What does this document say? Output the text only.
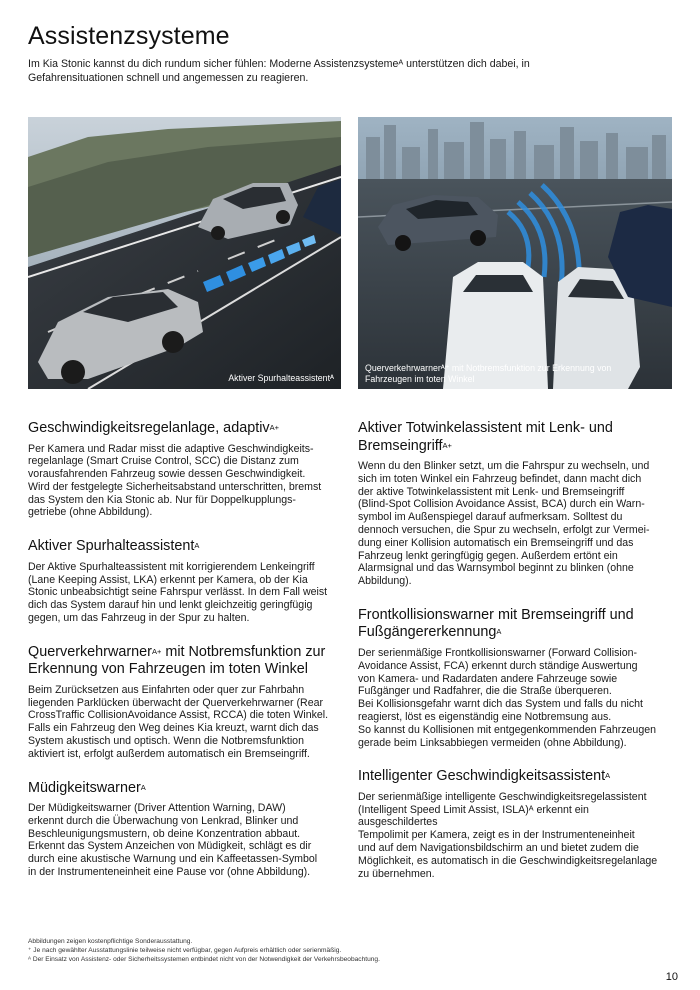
Assistenzsysteme

Im Kia Stonic kannst du dich rundum sicher fühlen: Moderne Assistenzsystemeᴬ unterstützen dich dabei, in Gefahrensituationen schnell und angemessen zu reagieren.

Aktiver Spurhalteassistentᴬ
Querverkehrwarnerᴬ⁺ mit Notbremsfunktion zur Erkennung von Fahrzeugen im toten Winkel
Geschwindigkeitsregelanlage, adaptiv$^{A+}$

Per Kamera und Radar misst die adaptive Geschwindigkeits-
regelanlage (Smart Cruise Control, SCC) die Distanz zum
vorausfahrenden Fahrzeug sowie dessen Geschwindigkeit.
Wird der festgelegte Sicherheitsabstand unterschritten, bremst
das System den Kia Stonic ab. Nur für Doppelkupplungs-
getriebe (ohne Abbildung).

Aktiver Spurhalteassistent$^A$

Der Aktive Spurhalteassistent mit korrigierendem Lenkeingriff
(Lane Keeping Assist, LKA) erkennt per Kamera, ob der Kia
Stonic unbeabsichtigt seine Fahrspur verlässt. In dem Fall weist
dich das System darauf hin und lenkt gleichzeitig geringfügig
gegen, um das Fahrzeug in der Spur zu halten.

Querverkehrwarner$^{A+}$ mit Notbremsfunktion zur Erkennung von Fahrzeugen im toten Winkel

Beim Zurücksetzen aus Einfahrten oder quer zur Fahrbahn
liegenden Parklücken überwacht der Querverkehrwarner (Rear
CrossTraffic CollisionAvoidance Assist, RCCA) die toten Winkel.
Falls ein Fahrzeug den Weg deines Kia kreuzt, warnt dich das
System akustisch und optisch. Wenn die Notbremsfunktion
aktiviert ist, erfolgt außerdem automatisch ein Bremseingriff.

Müdigkeitswarner$^A$

Der Müdigkeitswarner (Driver Attention Warning, DAW)
erkennt durch die Überwachung von Lenkrad, Blinker und
Beschleunigungsmustern, ob deine Konzentration abbaut.
Erkennt das System Anzeichen von Müdigkeit, schlägt es dir
durch eine akustische Warnung und ein Kaffeetassen-Symbol
in der Instrumenteneinheit eine Pause vor (ohne Abbildung).

Aktiver Totwinkelassistent mit Lenk- und Bremseingriff$^{A+}$

Wenn du den Blinker setzt, um die Fahrspur zu wechseln, und
sich im toten Winkel ein Fahrzeug befindet, dann macht dich
der aktive Totwinkelassistent mit Lenk- und Bremseingriff
(Blind-Spot Collision Avoidance Assist, BCA) durch ein Warn-
symbol im Außenspiegel darauf aufmerksam. Solltest du
dennoch versuchen, die Spur zu wechseln, erfolgt zur Vermei-
dung einer Kollision automatisch ein Bremseingriff und das
Fahrzeug lenkt geringfügig gegen. Außerdem ertönt ein
Alarmsignal und das Warnsymbol beginnt zu blinken (ohne
Abbildung).

Frontkollisionswarner mit Bremseingriff und Fußgängererkennung$^A$

Der serienmäßige Frontkollisionswarner (Forward Collision-
Avoidance Assist, FCA) erkennt durch ständige Auswertung
von Kamera- und Radardaten andere Fahrzeuge sowie
Fußgänger und Radfahrer, die die Straße überqueren.
Bei Kollisionsgefahr warnt dich das System und falls du nicht
reagierst, löst es eigenständig eine Notbremsung aus.
So kannst du Kollisionen mit entgegenkommenden Fahrzeugen
gerade beim Linksabbiegen vermeiden (ohne Abbildung).

Intelligenter Geschwindigkeitsassistent$^A$

Der serienmäßige intelligente Geschwindigkeitsregelassistent
(Intelligent Speed Limit Assist, ISLA)ᴬ erkennt ein ausgeschildertes
Tempolimit per Kamera, zeigt es in der Instrumenteneinheit
und auf dem Navigationsbildschirm an und bietet zudem die
Möglichkeit, es automatisch in die Geschwindigkeitsregelanlage
zu übernehmen.

Abbildungen zeigen kostenpflichtige Sonderausstattung.
⁺ Je nach gewählter Ausstattungslinie teilweise nicht verfügbar, gegen Aufpreis erhältlich oder serienmäßig.
ᴬ Der Einsatz von Assistenz- oder Sicherheitssystemen entbindet nicht von der Notwendigkeit der Verkehrsbeobachtung.
10
